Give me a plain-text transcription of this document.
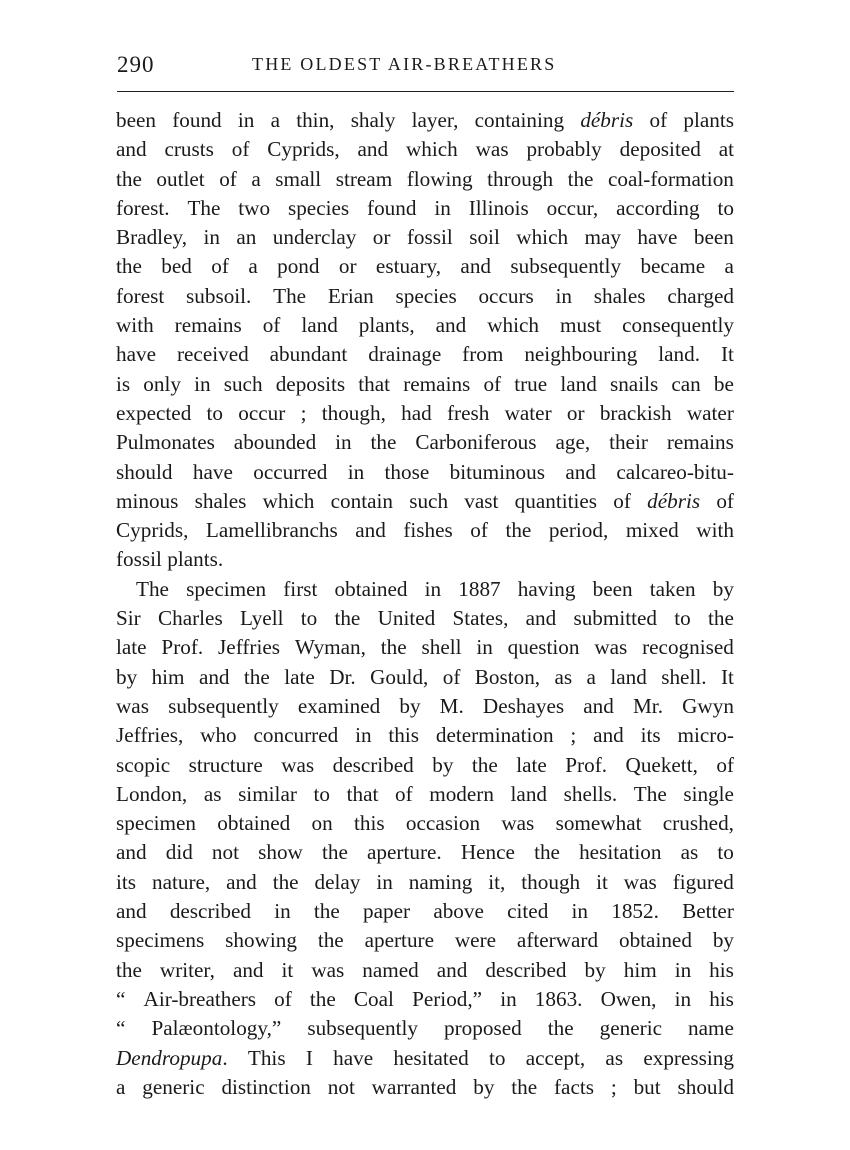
290	THE OLDEST AIR-BREATHERS
been found in a thin, shaly layer, containing débris of plants
and crusts of Cyprids, and which was probably deposited at
the outlet of a small stream flowing through the coal-formation
forest. The two species found in Illinois occur, according to
Bradley, in an underclay or fossil soil which may have been
the bed of a pond or estuary, and subsequently became a
forest subsoil. The Erian species occurs in shales charged
with remains of land plants, and which must consequently
have received abundant drainage from neighbouring land. It
is only in such deposits that remains of true land snails can be
expected to occur ; though, had fresh water or brackish water
Pulmonates abounded in the Carboniferous age, their remains
should have occurred in those bituminous and calcareo-bitu-
minous shales which contain such vast quantities of débris of
Cyprids, Lamellibranchs and fishes of the period, mixed with
fossil
plants.

The specimen first obtained in 1887 having been taken by
Sir Charles Lyell to the United States, and submitted to the
late Prof. Jeffries Wyman, the shell in question was recognised
by him and the late Dr. Gould, of Boston, as a land shell. It
was subsequently examined by M. Deshayes and Mr. Gwyn
Jeffries, who concurred in this determination ; and its micro-
scopic structure was described by the late Prof. Quekett, of
London, as similar to that of modern land shells. The single
specimen obtained on this occasion was somewhat crushed,
and did not show the aperture. Hence the hesitation as to
its nature, and the delay in naming it, though it was figured
and described in the paper above cited in 1852. Better
specimens showing the aperture were afterward obtained by
the writer, and it was named and described by him in his
“ Air-breathers of the Coal Period,” in 1863. Owen, in his
“ Palæontology,” subsequently proposed the generic name
Dendropupa. This I have hesitated to accept, as expressing
a generic distinction not warranted by the facts ; but should
